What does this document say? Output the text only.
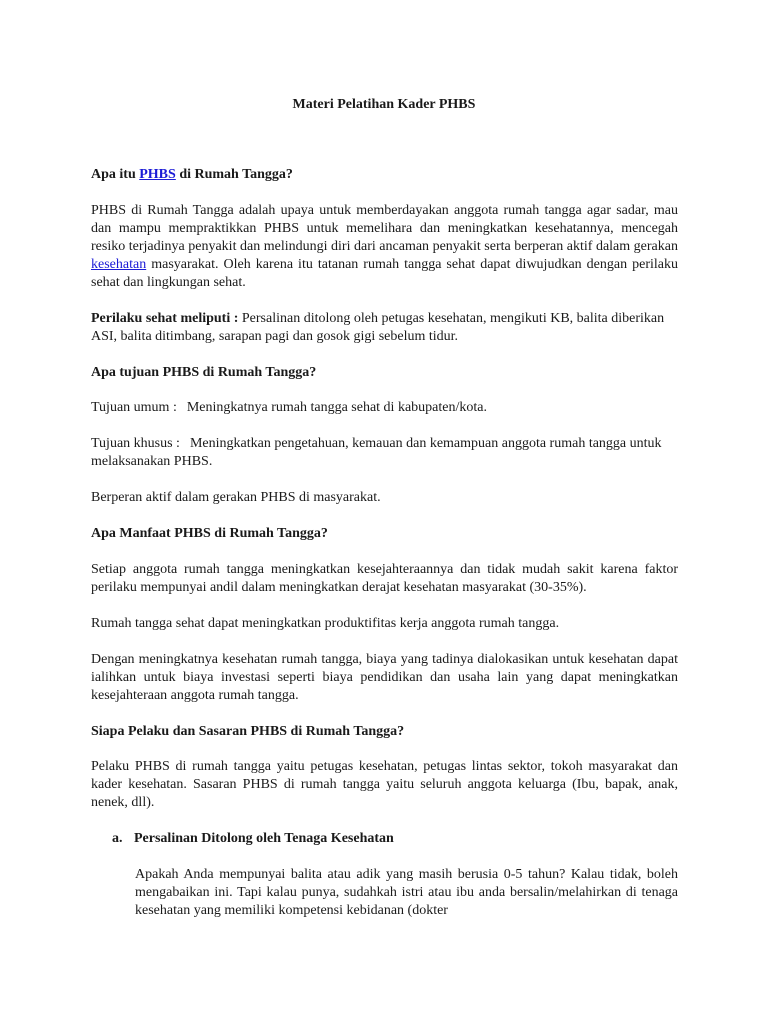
Materi Pelatihan Kader PHBS
Apa itu PHBS di Rumah Tangga?
PHBS di Rumah Tangga adalah upaya untuk memberdayakan anggota rumah tangga agar sadar, mau dan mampu mempraktikkan PHBS untuk memelihara dan meningkatkan kesehatannya, mencegah resiko terjadinya penyakit dan melindungi diri dari ancaman penyakit serta berperan aktif dalam gerakan kesehatan masyarakat. Oleh karena itu tatanan rumah tangga sehat dapat diwujudkan dengan perilaku sehat dan lingkungan sehat.
Perilaku sehat meliputi : Persalinan ditolong oleh petugas kesehatan, mengikuti KB, balita diberikan ASI, balita ditimbang, sarapan pagi dan gosok gigi sebelum tidur.
Apa tujuan PHBS di Rumah Tangga?
Tujuan umum : Meningkatnya rumah tangga sehat di kabupaten/kota.
Tujuan khusus : Meningkatkan pengetahuan, kemauan dan kemampuan anggota rumah tangga untuk melaksanakan PHBS.
Berperan aktif dalam gerakan PHBS di masyarakat.
Apa Manfaat PHBS di Rumah Tangga?
Setiap anggota rumah tangga meningkatkan kesejahteraannya dan tidak mudah sakit karena faktor perilaku mempunyai andil dalam meningkatkan derajat kesehatan masyarakat (30-35%).
Rumah tangga sehat dapat meningkatkan produktifitas kerja anggota rumah tangga.
Dengan meningkatnya kesehatan rumah tangga, biaya yang tadinya dialokasikan untuk kesehatan dapat ialihkan untuk biaya investasi seperti biaya pendidikan dan usaha lain yang dapat meningkatkan kesejahteraan anggota rumah tangga.
Siapa Pelaku dan Sasaran PHBS di Rumah Tangga?
Pelaku PHBS di rumah tangga yaitu petugas kesehatan, petugas lintas sektor, tokoh masyarakat dan kader kesehatan. Sasaran PHBS di rumah tangga yaitu seluruh anggota keluarga (Ibu, bapak, anak, nenek, dll).
a. Persalinan Ditolong oleh Tenaga Kesehatan
Apakah Anda mempunyai balita atau adik yang masih berusia 0-5 tahun? Kalau tidak, boleh mengabaikan ini. Tapi kalau punya, sudahkah istri atau ibu anda bersalin/melahirkan di tenaga kesehatan yang memiliki kompetensi kebidanan (dokter
